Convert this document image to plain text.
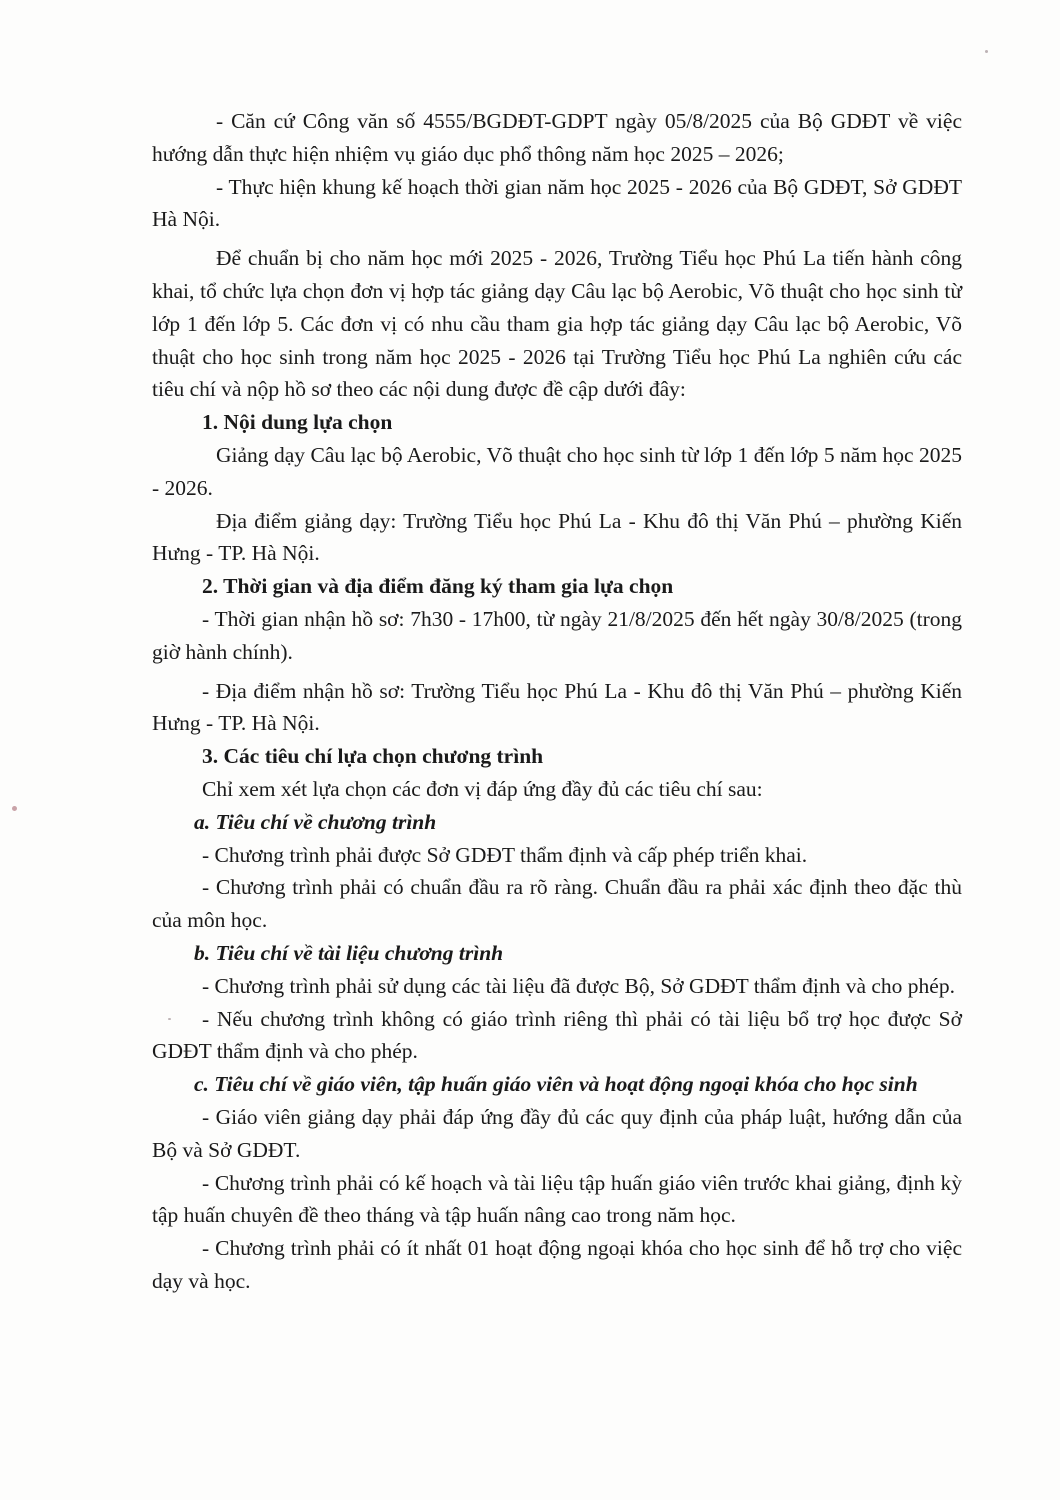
- Căn cứ Công văn số 4555/BGDĐT-GDPT ngày 05/8/2025 của Bộ GDĐT về việc hướng dẫn thực hiện nhiệm vụ giáo dục phổ thông năm học 2025 – 2026;

- Thực hiện khung kế hoạch thời gian năm học 2025 - 2026 của Bộ GDĐT, Sở GDĐT Hà Nội.

Để chuẩn bị cho năm học mới 2025 - 2026, Trường Tiểu học Phú La tiến hành công khai, tổ chức lựa chọn đơn vị hợp tác giảng dạy Câu lạc bộ Aerobic, Võ thuật cho học sinh từ lớp 1 đến lớp 5. Các đơn vị có nhu cầu tham gia hợp tác giảng dạy Câu lạc bộ Aerobic, Võ thuật cho học sinh trong năm học 2025 - 2026 tại Trường Tiểu học Phú La nghiên cứu các tiêu chí và nộp hồ sơ theo các nội dung được đề cập dưới đây:

1. Nội dung lựa chọn

Giảng dạy Câu lạc bộ Aerobic, Võ thuật cho học sinh từ lớp 1 đến lớp 5 năm học 2025 - 2026.

Địa điểm giảng dạy: Trường Tiểu học Phú La - Khu đô thị Văn Phú – phường Kiến Hưng - TP. Hà Nội.

2. Thời gian và địa điểm đăng ký tham gia lựa chọn

- Thời gian nhận hồ sơ: 7h30 - 17h00, từ ngày 21/8/2025 đến hết ngày 30/8/2025 (trong giờ hành chính).

- Địa điểm nhận hồ sơ: Trường Tiểu học Phú La - Khu đô thị Văn Phú – phường Kiến Hưng - TP. Hà Nội.

3. Các tiêu chí lựa chọn chương trình

Chỉ xem xét lựa chọn các đơn vị đáp ứng đầy đủ các tiêu chí sau:

a. Tiêu chí về chương trình

- Chương trình phải được Sở GDĐT thẩm định và cấp phép triển khai.

- Chương trình phải có chuẩn đầu ra rõ ràng. Chuẩn đầu ra phải xác định theo đặc thù của môn học.

b. Tiêu chí về tài liệu chương trình

- Chương trình phải sử dụng các tài liệu đã được Bộ, Sở GDĐT thẩm định và cho phép.

- Nếu chương trình không có giáo trình riêng thì phải có tài liệu bổ trợ học được Sở GDĐT thẩm định và cho phép.

c. Tiêu chí về giáo viên, tập huấn giáo viên và hoạt động ngoại khóa cho học sinh

- Giáo viên giảng dạy phải đáp ứng đầy đủ các quy định của pháp luật, hướng dẫn của Bộ và Sở GDĐT.

- Chương trình phải có kế hoạch và tài liệu tập huấn giáo viên trước khai giảng, định kỳ tập huấn chuyên đề theo tháng và tập huấn nâng cao trong năm học.

- Chương trình phải có ít nhất 01 hoạt động ngoại khóa cho học sinh để hỗ trợ cho việc dạy và học.
